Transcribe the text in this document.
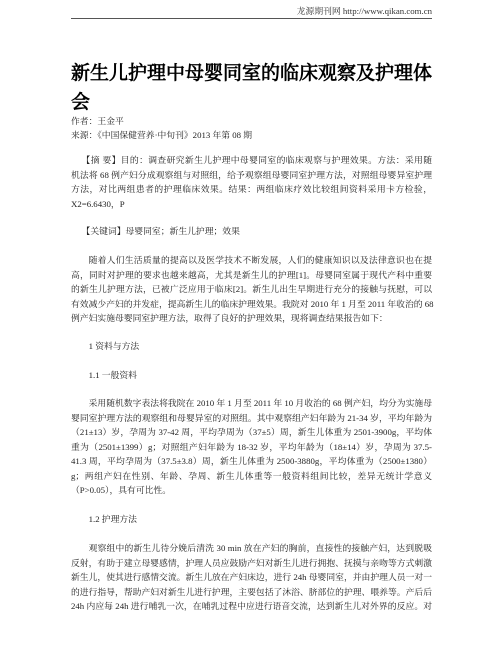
龙源期刊网 http://www.qikan.com.cn
新生儿护理中母婴同室的临床观察及护理体会
作者：王金平
来源：《中国保健营养·中旬刊》2013 年第 08 期
【摘 要】目的：调查研究新生儿护理中母婴同室的临床观察与护理效果。方法：采用随
机法将 68 例产妇分成观察组与对照组，给予观察组母婴同室护理方法，对照组母婴异室护理
方法，对比两组患者的护理临床效果。结果：两组临床疗效比较组间资料采用卡方检验，
X2=6.6430，P
【关键词】母婴同室；新生儿护理；效果
随着人们生活质量的提高以及医学技术不断发展，人们的健康知识以及法律意识也在提
高，同时对护理的要求也越来越高，尤其是新生儿的护理[1]。母婴同室属于现代产科中重要
的新生儿护理方法，已被广泛应用于临床[2]。新生儿出生早期进行充分的接触与抚慰，可以
有效减少产妇的并发症，提高新生儿的临床护理效果。我院对 2010 年 1 月至 2011 年收治的 68
例产妇实施母婴同室护理方法，取得了良好的护理效果，现将调查结果报告如下：
1 资料与方法
1.1 一般资料
采用随机数字表法将我院在 2010 年 1 月至 2011 年 10 月收治的 68 例产妇，均分为实施母
婴同室护理方法的观察组和母婴异室的对照组。其中观察组产妇年龄为 21-34 岁，平均年龄为
（21±13）岁，孕周为 37-42 周，平均孕周为（37±5）周，新生儿体重为 2501-3900g，平均体
重为（2501±1399）g；对照组产妇年龄为 18-32 岁，平均年龄为（18±14）岁，孕周为 37.5-
41.3 周，平均孕周为（37.5±3.8）周，新生儿体重为 2500-3880g，平均体重为（2500±1380）
g；两组产妇在性别、年龄、孕周、新生儿体重等一般资料组间比较，差异无统计学意义
（P>0.05），具有可比性。
1.2 护理方法
观察组中的新生儿待分娩后清洗 30 min 放在产妇的胸前，直接性的接触产妇，达到脱吸
反射，有助于建立母婴感情，护理人员应鼓励产妇对新生儿进行拥抱、抚摸与亲吻等方式刺激
新生儿，使其进行感情交流。新生儿放在产妇床边，进行 24h 母婴同室，并由护理人员一对一
的进行指导，帮助产妇对新生儿进行护理，主要包括了沐浴、脐部位的护理、喂养等。产后后
24h 内应每 24h 进行哺乳一次，在哺乳过程中应进行语音交流，达到新生儿对外界的反应。对
